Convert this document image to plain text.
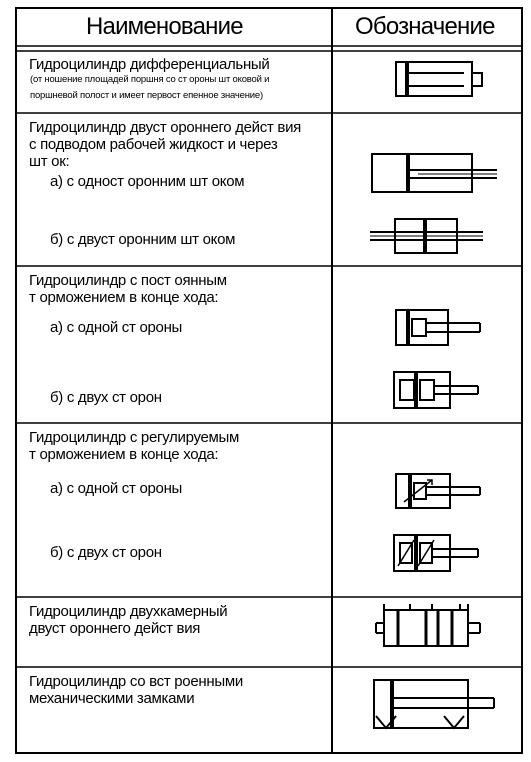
Наименование	Обозначение
Гидроцилиндр дифференциальный
(от ношение площадей поршня со ст ороны шт оковой и
поршневой полост и имеет первост епенное значение)
Гидроцилиндр двуст ороннего дейст вия
с подводом рабочей жидкост и через
шт ок:
а) с одност оронним шт оком
б) с двуст оронним шт оком
Гидроцилиндр с пост оянным
т орможением в конце хода:
а) с одной ст ороны
б) с двух ст орон
Гидроцилиндр с регулируемым
т орможением в конце хода:
а) с одной ст ороны
б) с двух ст орон
Гидроцилиндр двухкамерный
двуст ороннего дейст вия
Гидроцилиндр со вст роенными
механическими замками
